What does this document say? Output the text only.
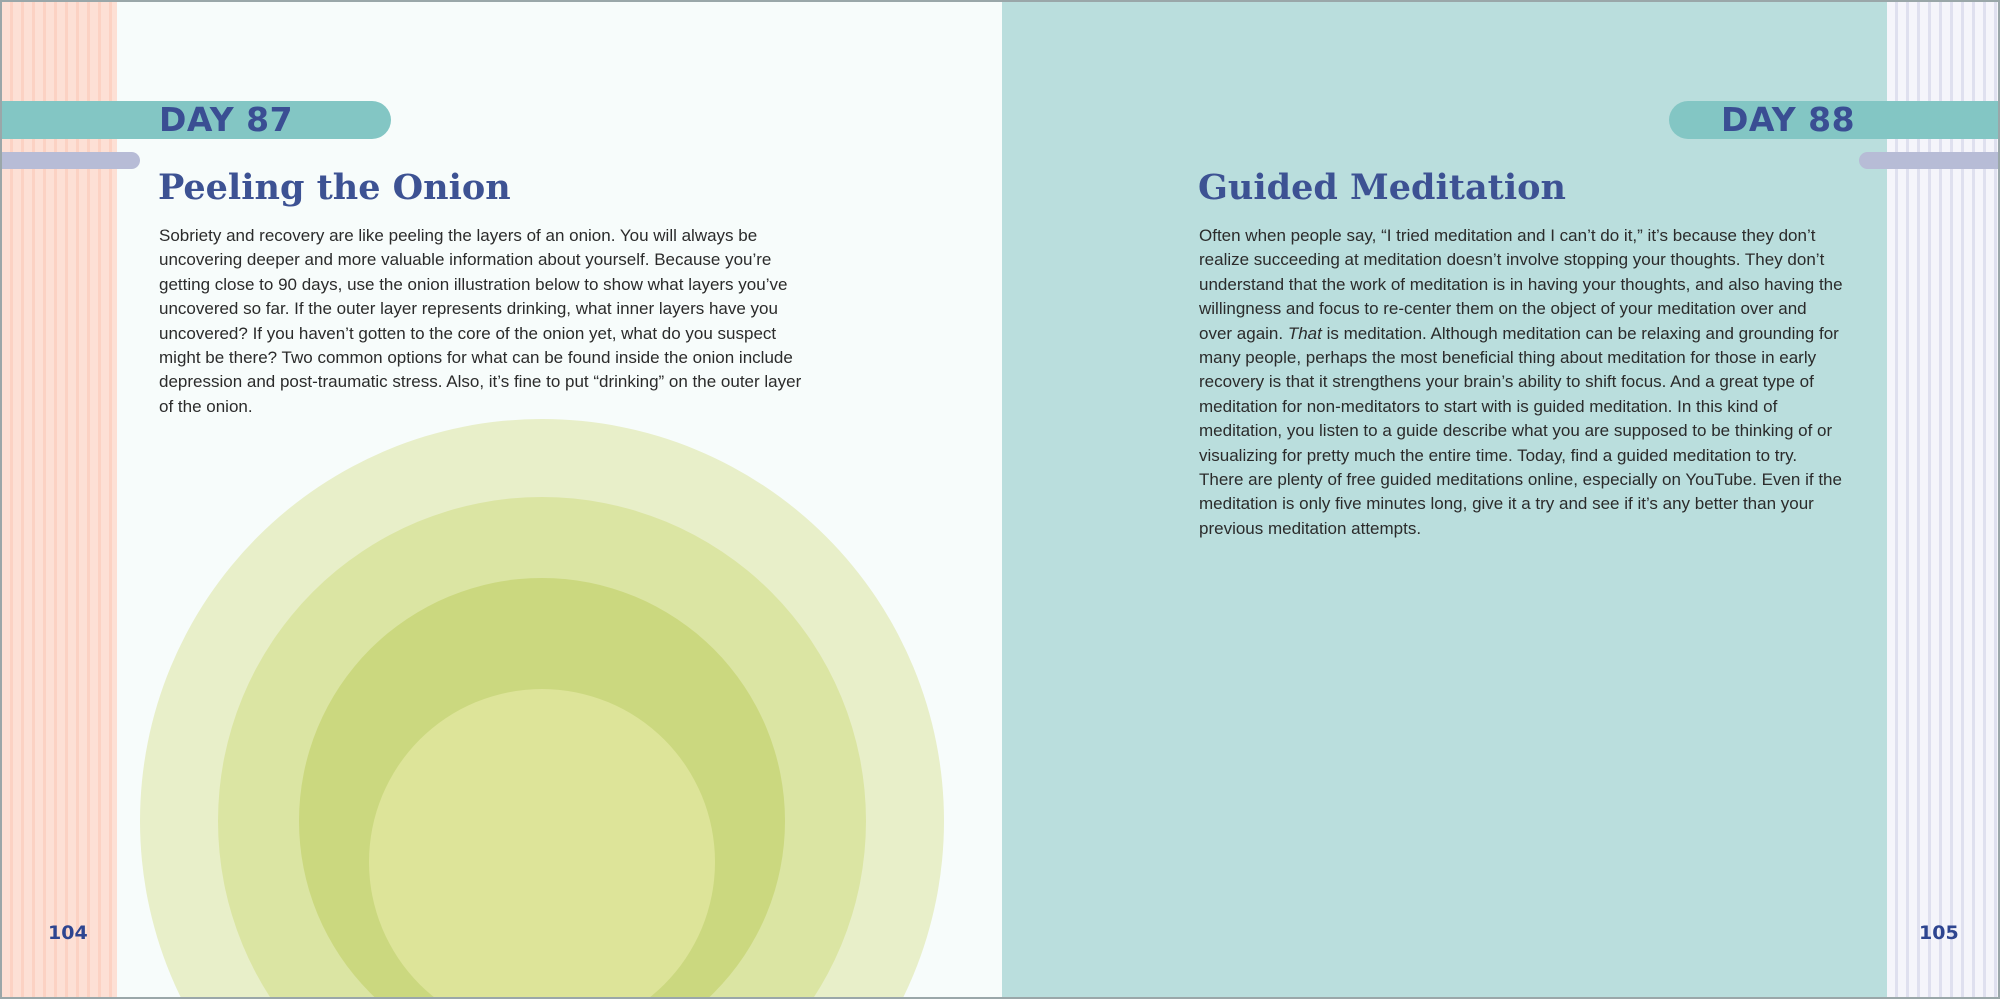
DAY 87
Peeling the Onion

Sobriety and recovery are like peeling the layers of an onion. You will always be uncovering deeper and more valuable information about yourself. Because you’re getting close to 90 days, use the onion illustration below to show what layers you’ve uncovered so far. If the outer layer represents drinking, what inner layers have you uncovered? If you haven’t gotten to the core of the onion yet, what do you suspect might be there? Two common options for what can be found inside the onion include depression and post-traumatic stress. Also, it’s fine to put “drinking” on the outer layer of the onion.

104
DAY 88
Guided Meditation

Often when people say, “I tried meditation and I can’t do it,” it’s because they don’t realize succeeding at meditation doesn’t involve stopping your thoughts. They don’t understand that the work of meditation is in having your thoughts, and also having the willingness and focus to re-center them on the object of your meditation over and over again. That is meditation. Although meditation can be relaxing and grounding for many people, perhaps the most beneficial thing about meditation for those in early recovery is that it strengthens your brain’s ability to shift focus. And a great type of meditation for non-meditators to start with is guided meditation. In this kind of meditation, you listen to a guide describe what you are supposed to be thinking of or visualizing for pretty much the entire time. Today, find a guided meditation to try. There are plenty of free guided meditations online, especially on YouTube. Even if the meditation is only five minutes long, give it a try and see if it’s any better than your previous meditation attempts.

105
